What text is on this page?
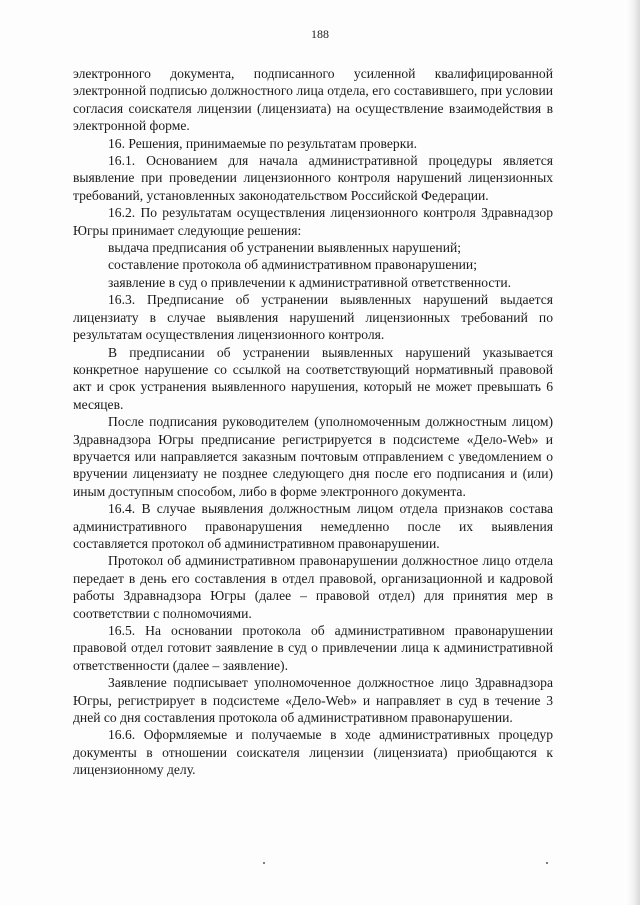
188

электронного документа, подписанного усиленной квалифицированной электронной подписью должностного лица отдела, его составившего, при условии согласия соискателя лицензии (лицензиата) на осуществление взаимодействия в электронной форме.

16. Решения, принимаемые по результатам проверки.

16.1. Основанием для начала административной процедуры является выявление при проведении лицензионного контроля нарушений лицензионных требований, установленных законодательством Российской Федерации.

16.2. По результатам осуществления лицензионного контроля Здравнадзор Югры принимает следующие решения:

выдача предписания об устранении выявленных нарушений;

составление протокола об административном правонарушении;

заявление в суд о привлечении к административной ответственности.

16.3. Предписание об устранении выявленных нарушений выдается лицензиату в случае выявления нарушений лицензионных требований по результатам осуществления лицензионного контроля.

В предписании об устранении выявленных нарушений указывается конкретное нарушение со ссылкой на соответствующий нормативный правовой акт и срок устранения выявленного нарушения, который не может превышать 6 месяцев.

После подписания руководителем (уполномоченным должностным лицом) Здравнадзора Югры предписание регистрируется в подсистеме «Дело-Web» и вручается или направляется заказным почтовым отправлением с уведомлением о вручении лицензиату не позднее следующего дня после его подписания и (или) иным доступным способом, либо в форме электронного документа.

16.4. В случае выявления должностным лицом отдела признаков состава административного правонарушения немедленно после их выявления составляется протокол об административном правонарушении.

Протокол об административном правонарушении должностное лицо отдела передает в день его составления в отдел правовой, организационной и кадровой работы Здравнадзора Югры (далее – правовой отдел) для принятия мер в соответствии с полномочиями.

16.5. На основании протокола об административном правонарушении правовой отдел готовит заявление в суд о привлечении лица к административной ответственности (далее – заявление).

Заявление подписывает уполномоченное должностное лицо Здравнадзора Югры, регистрирует в подсистеме «Дело-Web» и направляет в суд в течение 3 дней со дня составления протокола об административном правонарушении.

16.6. Оформляемые и получаемые в ходе административных процедур документы в отношении соискателя лицензии (лицензиата) приобщаются к лицензионному делу.
